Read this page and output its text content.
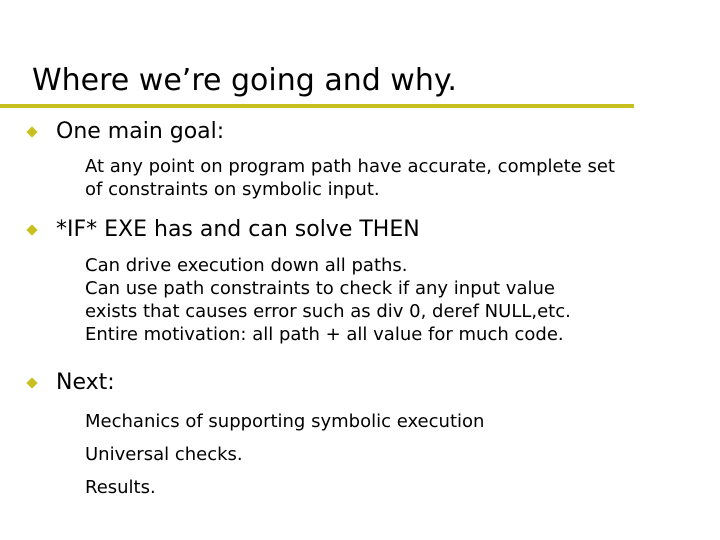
Where we’re going and why.
One main goal:
At any point on program path have accurate, complete set
of constraints on symbolic input.
*IF* EXE has and can solve THEN
Can drive execution down all paths.
Can use path constraints to check if any input value
exists that causes error such as div 0, deref NULL,etc.
Entire motivation: all path + all value for much code.
Next:
Mechanics of supporting symbolic execution
Universal checks.
Results.
